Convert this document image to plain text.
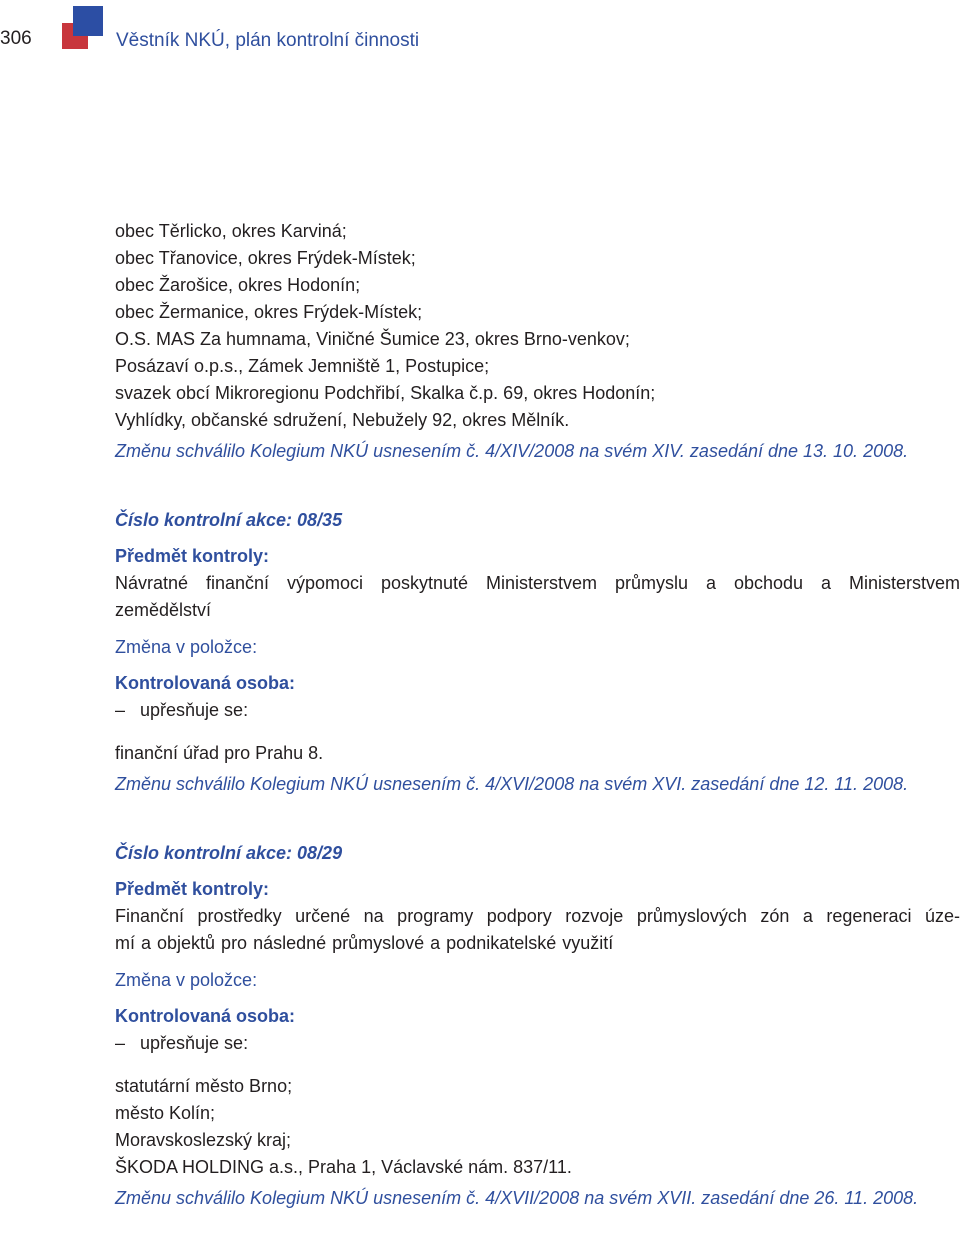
306	Věstník NKÚ, plán kontrolní činnosti
obec Těrlicko, okres Karviná;
obec Třanovice, okres Frýdek-Místek;
obec Žarošice, okres Hodonín;
obec Žermanice, okres Frýdek-Místek;
O.S. MAS Za humnama, Viničné Šumice 23, okres Brno-venkov;
Posázaví o.p.s., Zámek Jemniště 1, Postupice;
svazek obcí Mikroregionu Podchřibí, Skalka č.p. 69, okres Hodonín;
Vyhlídky, občanské sdružení, Nebužely 92, okres Mělník.
Změnu schválilo Kolegium NKÚ usnesením č. 4/XIV/2008 na svém XIV. zasedání dne 13. 10. 2008.
Číslo kontrolní akce: 08/35
Předmět kontroly:
Návratné finanční výpomoci poskytnuté Ministerstvem průmyslu a obchodu a Ministerstvem
zemědělství
Změna v položce:
Kontrolovaná osoba:
– upřesňuje se:
finanční úřad pro Prahu 8.
Změnu schválilo Kolegium NKÚ usnesením č. 4/XVI/2008 na svém XVI. zasedání dne 12. 11. 2008.
Číslo kontrolní akce: 08/29
Předmět kontroly:
Finanční prostředky určené na programy podpory rozvoje průmyslových zón a regeneraci úze-
mí a objektů pro následné průmyslové a podnikatelské využití
Změna v položce:
Kontrolovaná osoba:
– upřesňuje se:
statutární město Brno;
město Kolín;
Moravskoslezský kraj;
ŠKODA HOLDING a.s., Praha 1, Václavské nám. 837/11.
Změnu schválilo Kolegium NKÚ usnesením č. 4/XVII/2008 na svém XVII. zasedání dne 26. 11. 2008.
